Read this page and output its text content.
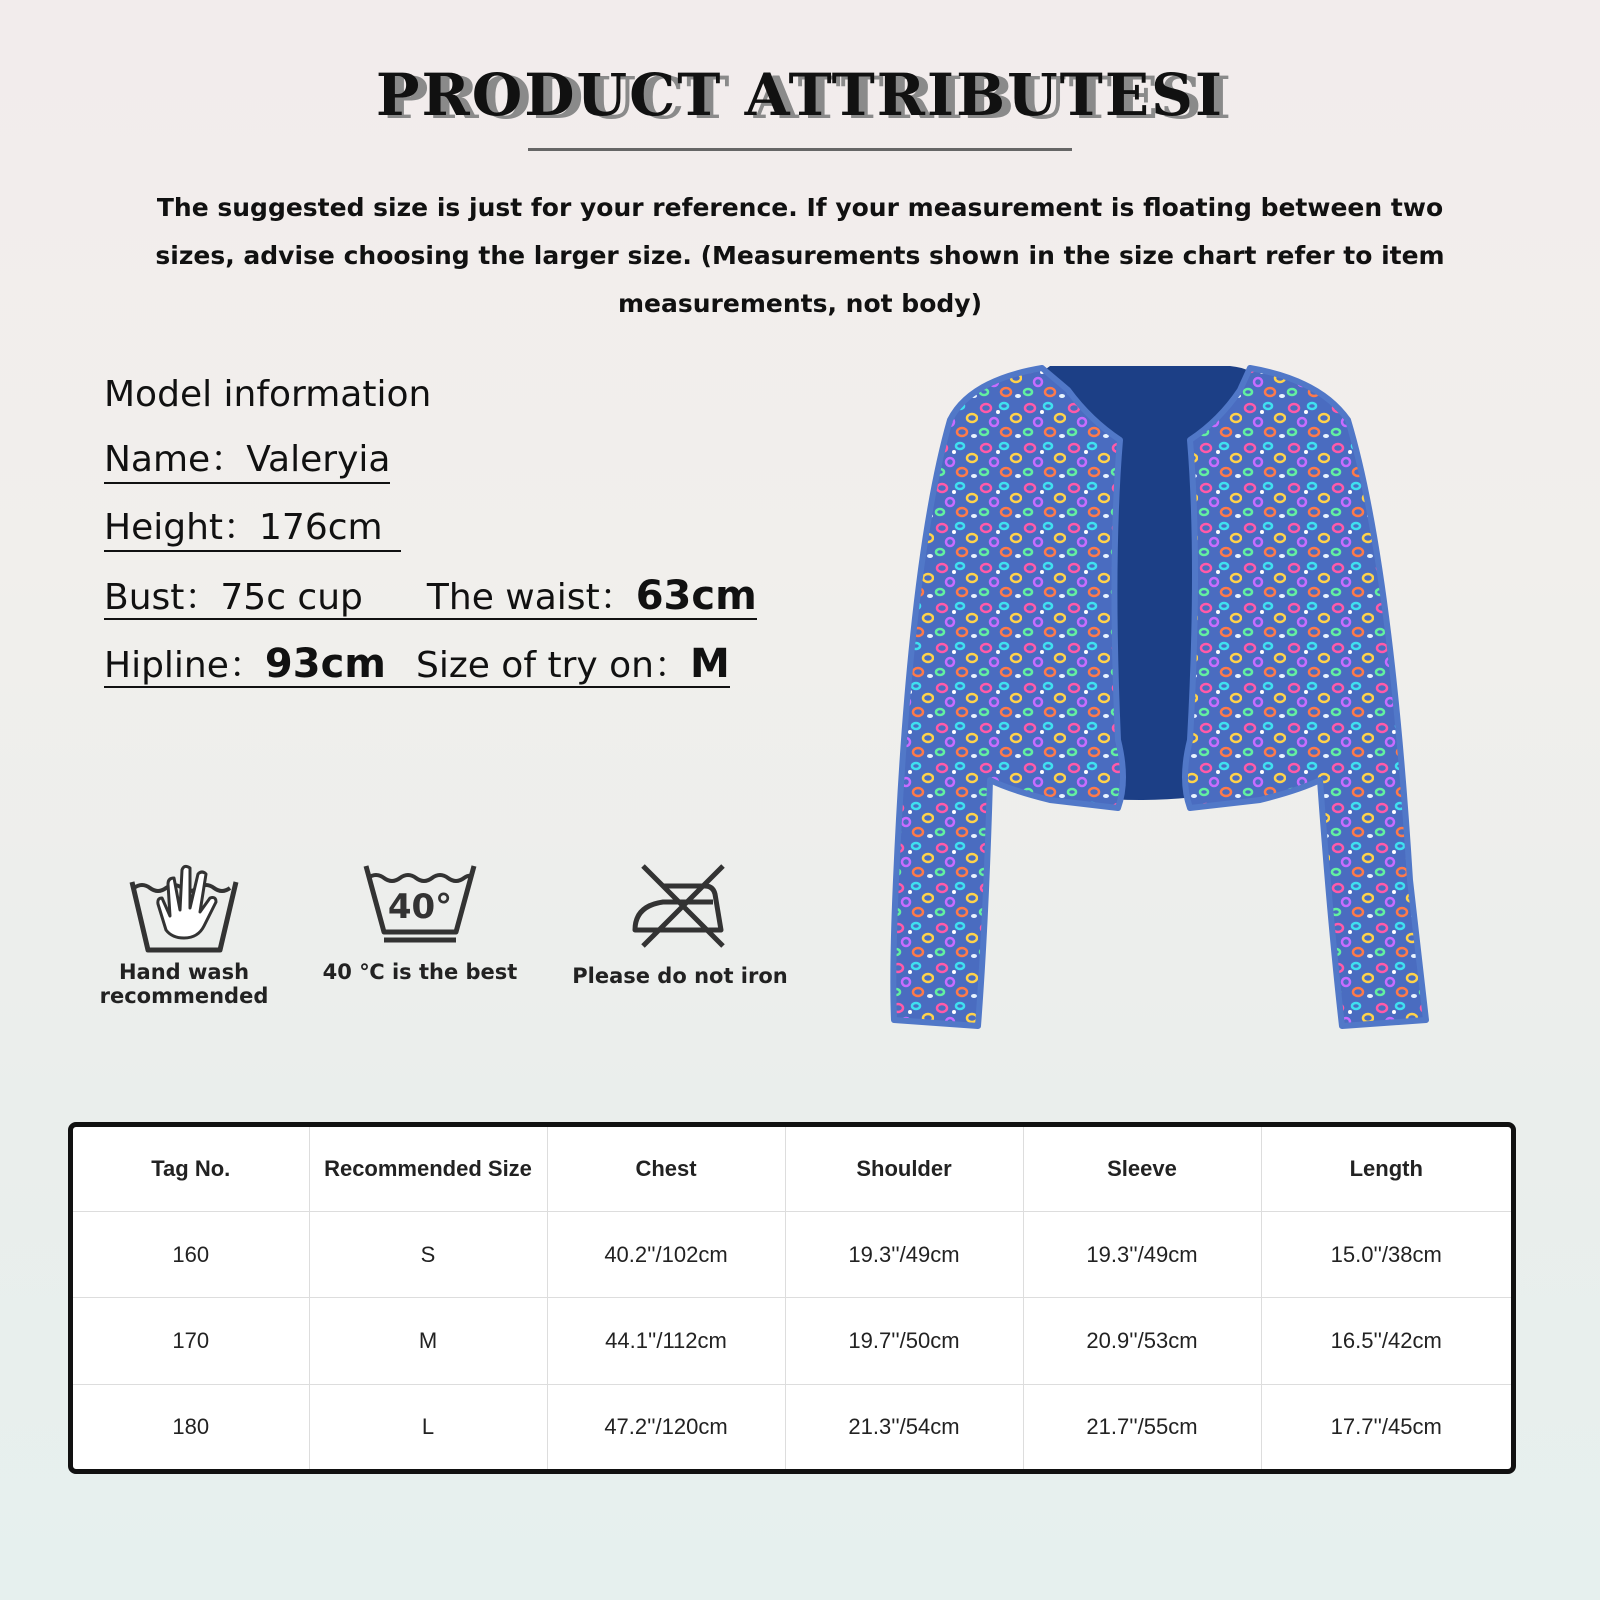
PRODUCT ATTRIBUTESI
The suggested size is just for your reference. If your measurement is floating between two sizes, advise choosing the larger size. (Measurements shown in the size chart refer to item measurements, not body)
Model information
Name：Valeryia
Height：176cm
Bust：75c cup The waist：63cm
Hipline：93cm Size of try on：M
Hand wash recommended
40°
40 ℃ is the best	Please do not iron
Tag No.	Recommended Size	Chest	Shoulder	Sleeve	Length
160	S	40.2''/102cm	19.3''/49cm	19.3''/49cm	15.0''/38cm
170	M	44.1''/112cm	19.7''/50cm	20.9''/53cm	16.5''/42cm
180	L	47.2''/120cm	21.3''/54cm	21.7''/55cm	17.7''/45cm
